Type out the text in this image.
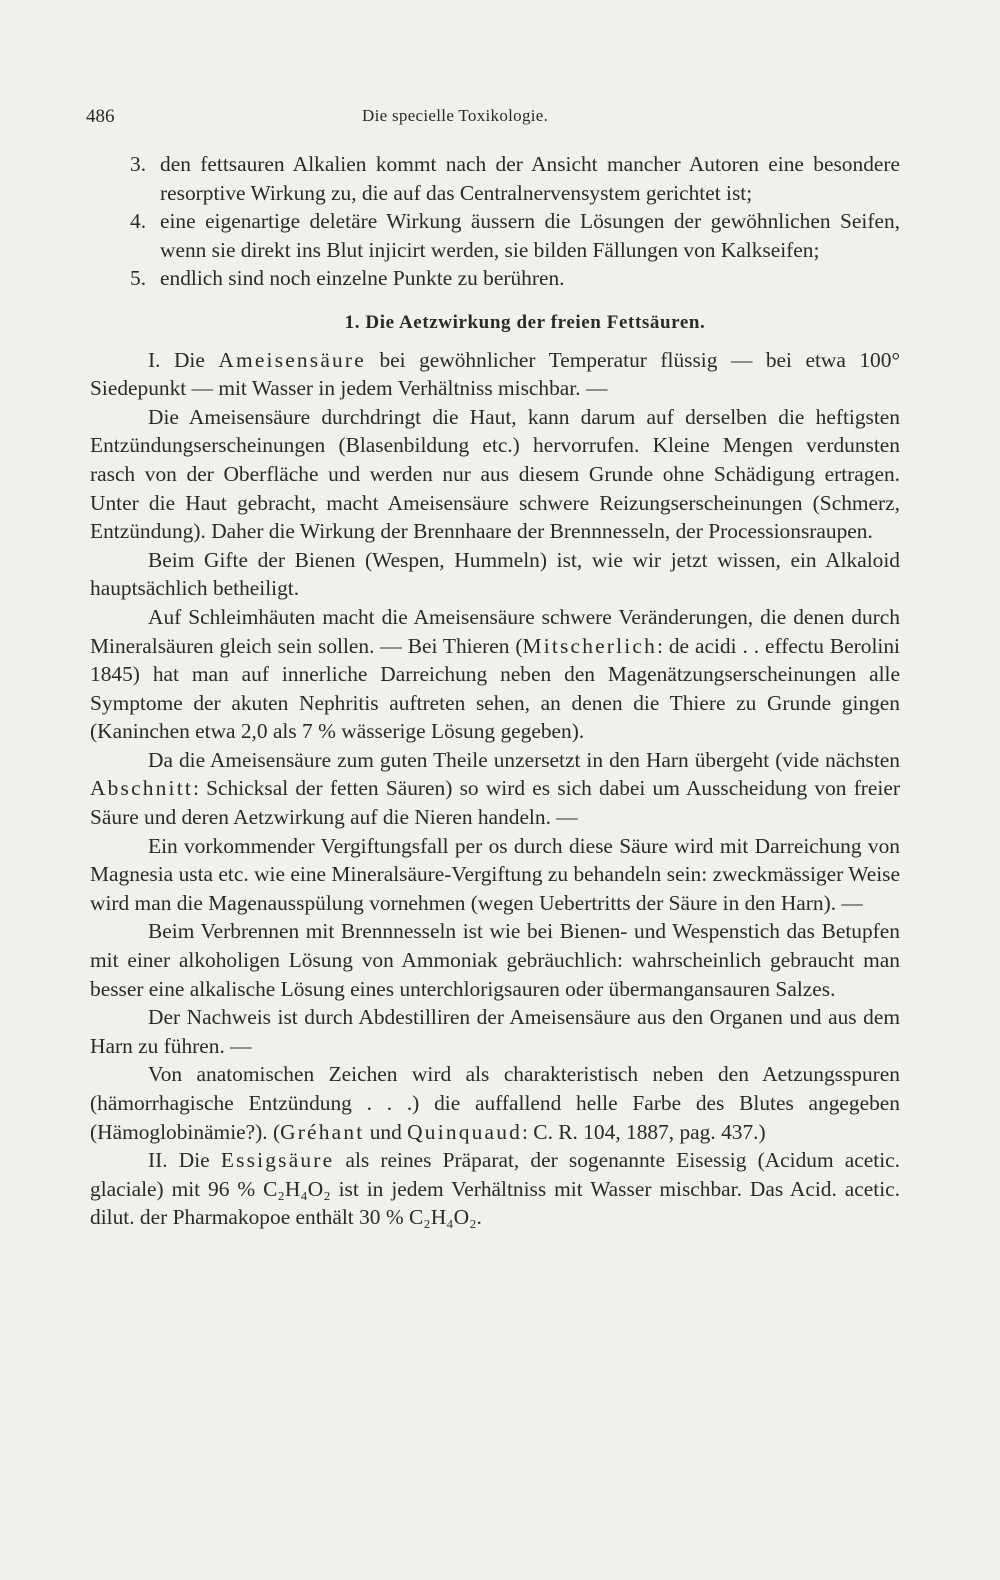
486	Die specielle Toxikologie.
3. den fettsauren Alkalien kommt nach der Ansicht mancher Autoren eine besondere resorptive Wirkung zu, die auf das Centralnervensystem gerichtet ist;
4. eine eigenartige deletäre Wirkung äussern die Lösungen der gewöhnlichen Seifen, wenn sie direkt ins Blut injicirt werden, sie bilden Fällungen von Kalkseifen;
5. endlich sind noch einzelne Punkte zu berühren.
1. Die Aetzwirkung der freien Fettsäuren.

I. Die Ameisensäure bei gewöhnlicher Temperatur flüssig — bei etwa 100° Siedepunkt — mit Wasser in jedem Verhältniss mischbar. —

Die Ameisensäure durchdringt die Haut, kann darum auf derselben die heftigsten Entzündungserscheinungen (Blasenbildung etc.) hervorrufen. Kleine Mengen verdunsten rasch von der Oberfläche und werden nur aus diesem Grunde ohne Schädigung ertragen. Unter die Haut gebracht, macht Ameisensäure schwere Reizungserscheinungen (Schmerz, Entzündung). Daher die Wirkung der Brennhaare der Brennnesseln, der Processionsraupen.

Beim Gifte der Bienen (Wespen, Hummeln) ist, wie wir jetzt wissen, ein Alkaloid hauptsächlich betheiligt.

Auf Schleimhäuten macht die Ameisensäure schwere Veränderungen, die denen durch Mineralsäuren gleich sein sollen. — Bei Thieren (Mitscherlich: de acidi . . effectu Berolini 1845) hat man auf innerliche Darreichung neben den Magenätzungserscheinungen alle Symptome der akuten Nephritis auftreten sehen, an denen die Thiere zu Grunde gingen (Kaninchen etwa 2,0 als 7 % wässerige Lösung gegeben).

Da die Ameisensäure zum guten Theile unzersetzt in den Harn übergeht (vide nächsten Abschnitt: Schicksal der fetten Säuren) so wird es sich dabei um Ausscheidung von freier Säure und deren Aetzwirkung auf die Nieren handeln. —

Ein vorkommender Vergiftungsfall per os durch diese Säure wird mit Darreichung von Magnesia usta etc. wie eine Mineralsäure-Vergiftung zu behandeln sein: zweckmässiger Weise wird man die Magenausspülung vornehmen (wegen Uebertritts der Säure in den Harn). —

Beim Verbrennen mit Brennnesseln ist wie bei Bienen- und Wespenstich das Betupfen mit einer alkoholigen Lösung von Ammoniak gebräuchlich: wahrscheinlich gebraucht man besser eine alkalische Lösung eines unterchlorigsauren oder übermangansauren Salzes.

Der Nachweis ist durch Abdestilliren der Ameisensäure aus den Organen und aus dem Harn zu führen. —

Von anatomischen Zeichen wird als charakteristisch neben den Aetzungsspuren (hämorrhagische Entzündung . . .) die auffallend helle Farbe des Blutes angegeben (Hämoglobinämie?). (Gréhant und Quinquaud: C. R. 104, 1887, pag. 437.)

II. Die Essigsäure als reines Präparat, der sogenannte Eisessig (Acidum acetic. glaciale) mit 96 % C₂H₄O₂ ist in jedem Verhältniss mit Wasser mischbar. Das Acid. acetic. dilut. der Pharmakopoe enthält 30 % C₂H₄O₂.
